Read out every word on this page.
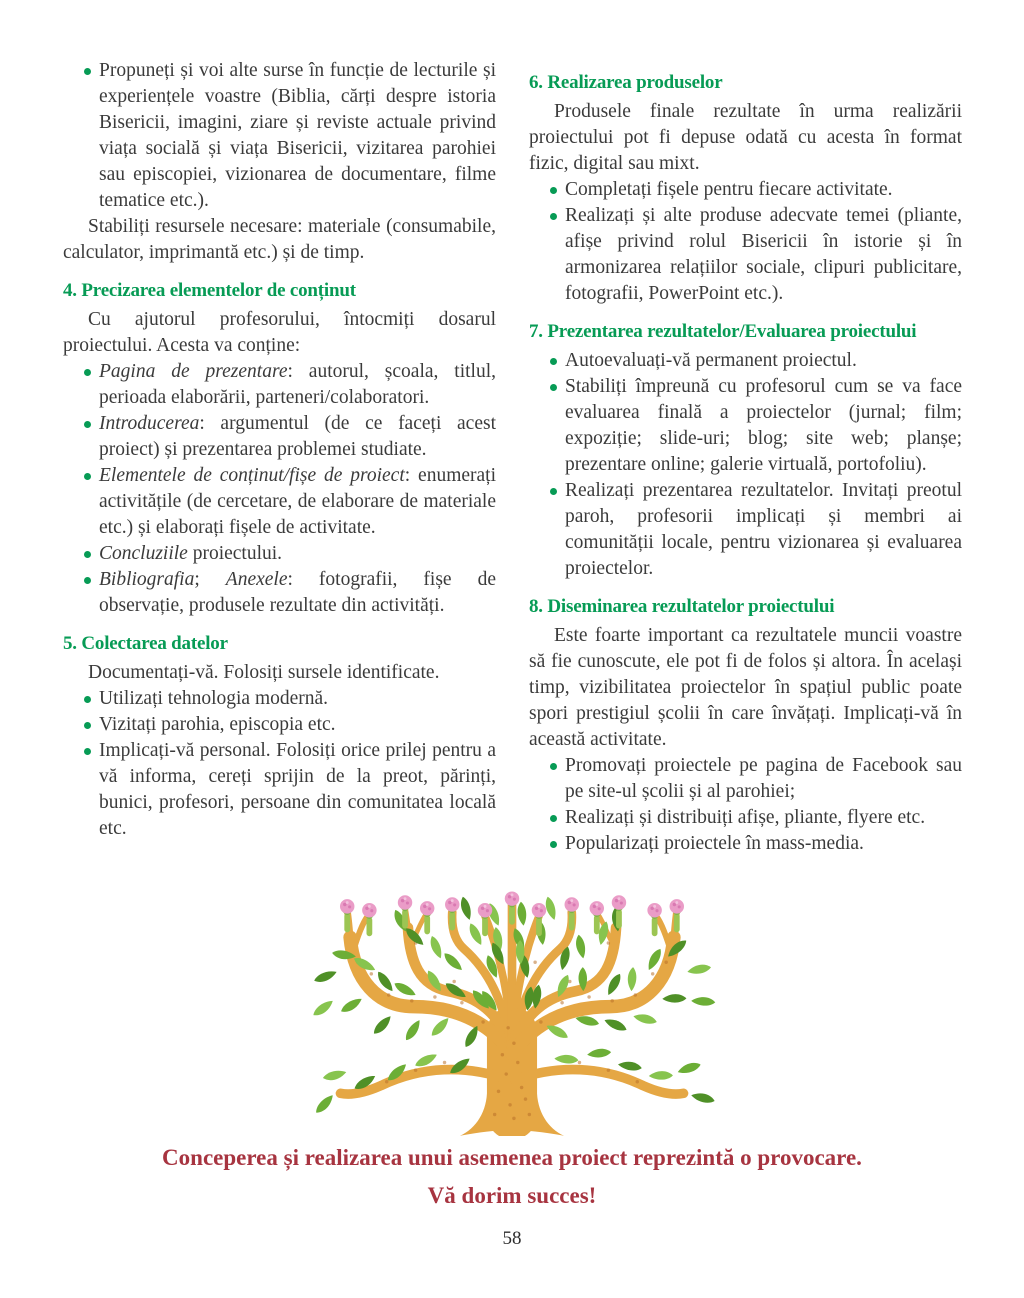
Propuneți și voi alte surse în funcție de lecturile și experiențele voastre (Biblia, cărți despre istoria Bisericii, imagini, ziare și reviste actuale privind viața socială și viața Bisericii, vizitarea parohiei sau episcopiei, vizionarea de documentare, filme tematice etc.).

Stabiliți resursele necesare: materiale (consumabile, calculator, imprimantă etc.) și de timp.

4. Precizarea elementelor de conținut

Cu ajutorul profesorului, întocmiți dosarul proiectului. Acesta va conține:

Pagina de prezentare: autorul, școala, titlul, perioada elaborării, parteneri/colaboratori.

Introducerea: argumentul (de ce faceți acest proiect) și prezentarea problemei studiate.

Elementele de conținut/fișe de proiect: enumerați activitățile (de cercetare, de elaborare de materiale etc.) și elaborați fișele de activitate.

Concluziile proiectului.

Bibliografia; Anexele: fotografii, fișe de observație, produsele rezultate din activități.

5. Colectarea datelor

Documentați-vă. Folosiți sursele identificate.

Utilizați tehnologia modernă.

Vizitați parohia, episcopia etc.

Implicați-vă personal. Folosiți orice prilej pentru a vă informa, cereți sprijin de la preot, părinți, bunici, profesori, persoane din comunitatea locală etc.

6. Realizarea produselor

Produsele finale rezultate în urma realizării proiectului pot fi depuse odată cu acesta în format fizic, digital sau mixt.

Completați fișele pentru fiecare activitate.

Realizați și alte produse adecvate temei (pliante, afișe privind rolul Bisericii în istorie și în armonizarea relațiilor sociale, clipuri publicitare, fotografii, PowerPoint etc.).

7. Prezentarea rezultatelor/Evaluarea proiectului

Autoevaluați-vă permanent proiectul.

Stabiliți împreună cu profesorul cum se va face evaluarea finală a proiectelor (jurnal; film; expoziție; slide-uri; blog; site web; planșe; prezentare online; galerie virtuală, portofoliu).

Realizați prezentarea rezultatelor. Invitați preotul paroh, profesorii implicați și membri ai comunității locale, pentru vizionarea și evaluarea proiectelor.

8. Diseminarea rezultatelor proiectului

Este foarte important ca rezultatele muncii voastre să fie cunoscute, ele pot fi de folos și altora. În același timp, vizibilitatea proiectelor în spațiul public poate spori prestigiul școlii în care învățați. Implicați-vă în această activitate.

Promovați proiectele pe pagina de Facebook sau pe site-ul școlii și al parohiei;

Realizați și distribuiți afișe, pliante, flyere etc.

Popularizați proiectele în mass-media.

Conceperea și realizarea unui asemenea proiect reprezintă o provocare.
Vă dorim succes!
58
